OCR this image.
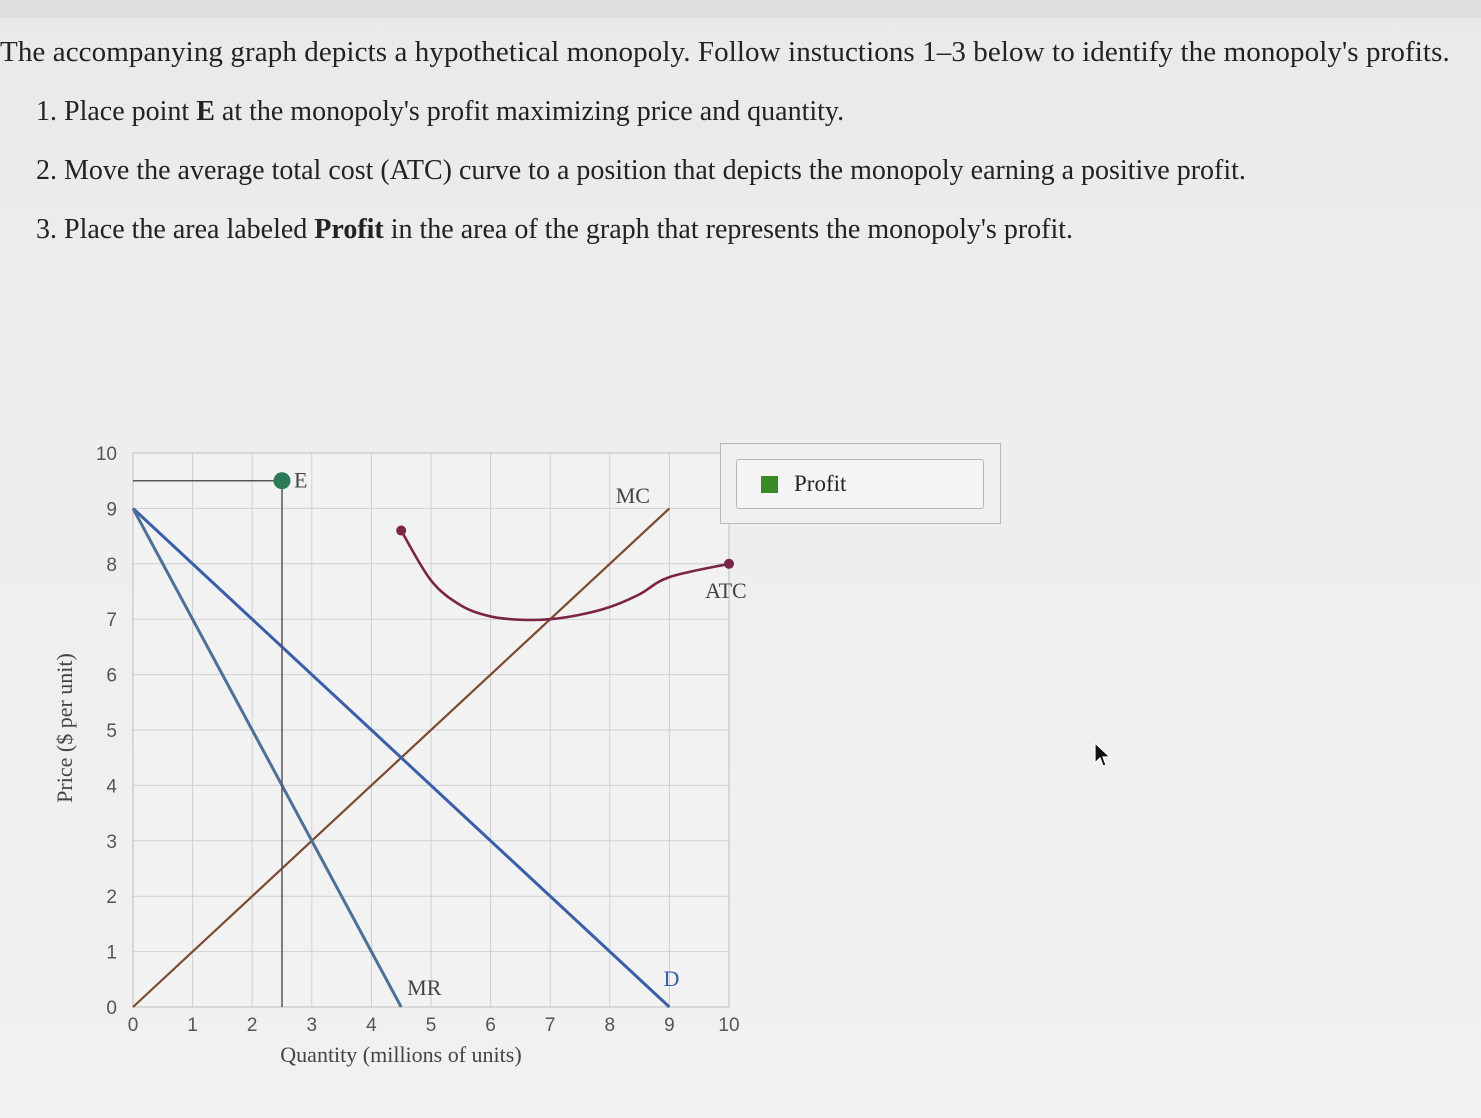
The accompanying graph depicts a hypothetical monopoly. Follow instuctions 1–3 below to identify the monopoly's profits.
1. Place point E at the monopoly's profit maximizing price and quantity.
2. Move the average total cost (ATC) curve to a position that depicts the monopoly earning a positive profit.
3. Place the area labeled Profit in the area of the graph that represents the monopoly's profit.
0	1	2	3	4	5	6	7	8	9 10
0
1
2
3
4
5
6
7
8
9
10
Quantity (millions of units)
Price ($ per unit)
MC
ATC
MR	D
E	Profit
